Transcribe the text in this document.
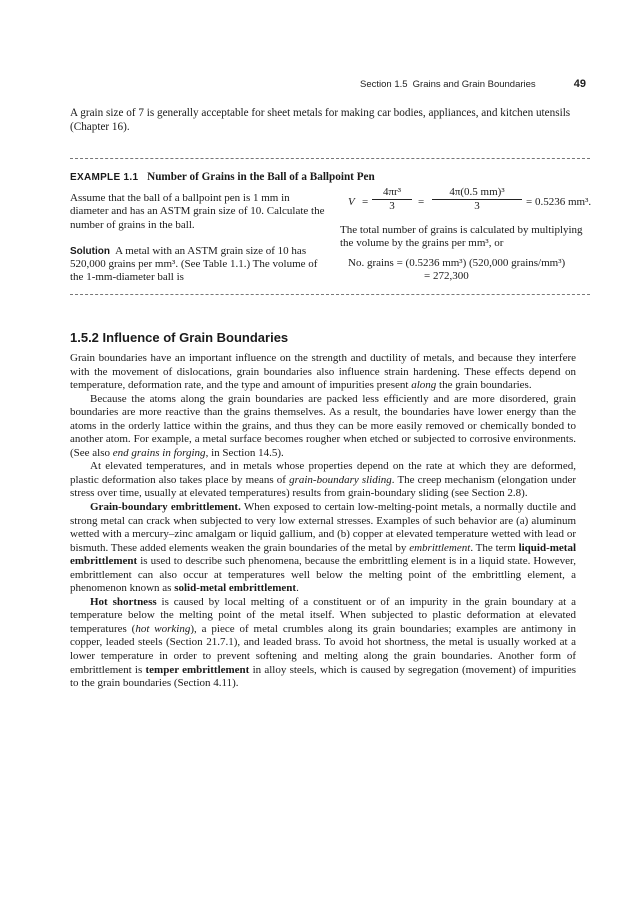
Section 1.5 Grains and Grain Boundaries	49

A grain size of 7 is generally acceptable for sheet metals for making car bodies, appliances, and kitchen utensils (Chapter 16).

EXAMPLE 1.1 Number of Grains in the Ball of a Ballpoint Pen

Assume that the ball of a ballpoint pen is 1 mm in diameter and has an ASTM grain size of 10. Calculate the number of grains in the ball.

Solution A metal with an ASTM grain size of 10 has 520,000 grains per mm³. (See Table 1.1.) The volume of the 1-mm-diameter ball is

$V = \frac{\text{4πr³}}{3} = \frac{\text{4π(0.5 mm)³}}{3} = 0.5236$ mm³.

The total number of grains is calculated by multiplying the volume by the grains per mm³, or

No. grains = (0.5236 mm³) (520,000 grains/mm³)

= 272,300

1.5.2 Influence of Grain Boundaries

Grain boundaries have an important influence on the strength and ductility of metals, and because they interfere with the movement of dislocations, grain boundaries also influence strain hardening. These effects depend on temperature, deformation rate, and the type and amount of impurities present along the grain boundaries.

Because the atoms along the grain boundaries are packed less efficiently and are more disordered, grain boundaries are more reactive than the grains themselves. As a result, the boundaries have lower energy than the atoms in the orderly lattice within the grains, and thus they can be more easily removed or chemically bonded to another atom. For example, a metal surface becomes rougher when etched or subjected to corrosive environments. (See also end grains in forging, in Section 14.5).

At elevated temperatures, and in metals whose properties depend on the rate at which they are deformed, plastic deformation also takes place by means of grain-boundary sliding. The creep mechanism (elongation under stress over time, usually at elevated temperatures) results from grain-boundary sliding (see Section 2.8).

Grain-boundary embrittlement. When exposed to certain low-melting-point metals, a normally ductile and strong metal can crack when subjected to very low external stresses. Examples of such behavior are (a) aluminum wetted with a mercury–zinc amalgam or liquid gallium, and (b) copper at elevated temperature wetted with lead or bismuth. These added elements weaken the grain boundaries of the metal by embrittlement. The term liquid-metal embrittlement is used to describe such phenomena, because the embrittling element is in a liquid state. However, embrittlement can also occur at temperatures well below the melting point of the embrittling element, a phenomenon known as solid-metal embrittlement.

Hot shortness is caused by local melting of a constituent or of an impurity in the grain boundary at a temperature below the melting point of the metal itself. When subjected to plastic deformation at elevated temperatures (hot working), a piece of metal crumbles along its grain boundaries; examples are antimony in copper, leaded steels (Section 21.7.1), and leaded brass. To avoid hot shortness, the metal is usually worked at a lower temperature in order to prevent softening and melting along the grain boundaries. Another form of embrittlement is temper embrittlement in alloy steels, which is caused by segregation (movement) of impurities to the grain boundaries (Section 4.11).
